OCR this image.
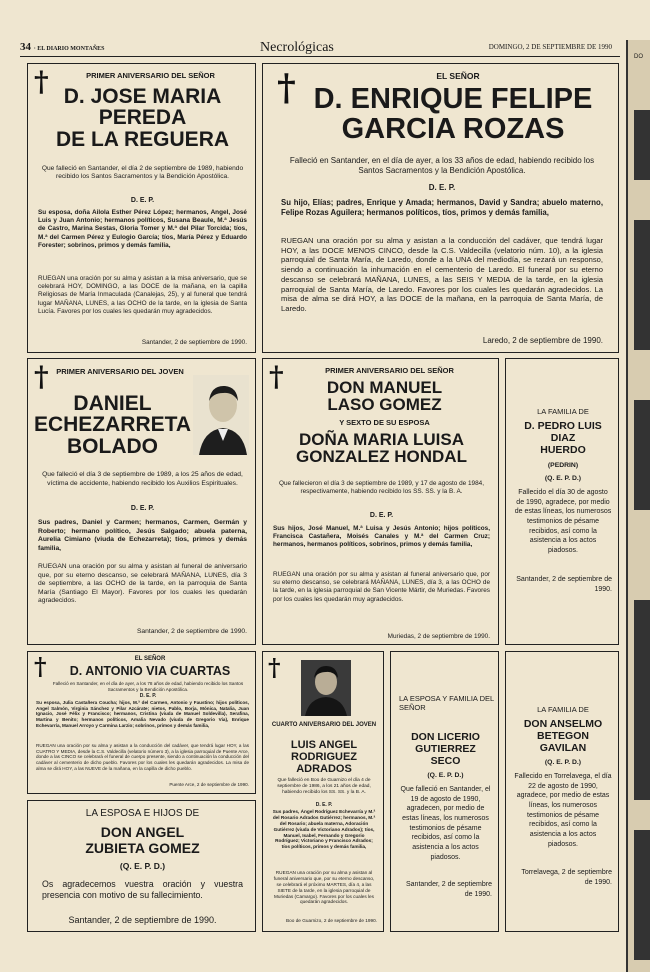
34 · EL DIARIO MONTAÑES	Necrológicas	DOMINGO, 2 DE SEPTIEMBRE DE 1990
DO
†	PRIMER ANIVERSARIO DEL SEÑOR

D. JOSE MARIA
PEREDA
DE LA REGUERA

Que falleció en Santander, el día 2 de septiembre de 1989, habiendo recibido los Santos Sacramentos y la Bendición Apostólica.

D. E. P.

Su esposa, doña Ailola Esther Pérez López; hermanos, Angel, José Luis y Juan Antonio; hermanos políticos, Susana Beaule, M.ª Jesús de Castro, Marina Sestas, Gloria Tomer y M.ª del Pilar Torcida; tíos, M.ª del Carmen Pérez y Eulogio García; tíos, María Pérez y Eduardo Forester; sobrinos, primos y demás familia,

RUEGAN una oración por su alma y asistan a la misa aniversario, que se celebrará HOY, DOMINGO, a las DOCE de la mañana, en la capilla Religiosas de María Inmaculada (Canalejas, 25), y al funeral que tendrá lugar MAÑANA, LUNES, a las OCHO de la tarde, en la iglesia de Santa Lucía. Favores por los cuales les quedarán muy agradecidos.

Santander, 2 de septiembre de 1990.

†	EL SEÑOR

D. ENRIQUE FELIPE
GARCIA ROZAS

Falleció en Santander, en el día de ayer, a los 33 años de edad, habiendo recibido los Santos Sacramentos y la Bendición Apostólica.

D. E. P.

Su hijo, Elías; padres, Enrique y Amada; hermanos, David y Sandra; abuelo materno, Felipe Rozas Aguilera; hermanos políticos, tíos, primos y demás familia,

RUEGAN una oración por su alma y asistan a la conducción del cadáver, que tendrá lugar HOY, a las DOCE MENOS CINCO, desde la C.S. Valdecilla (velatorio núm. 10), a la iglesia parroquial de Santa María, de Laredo, donde a la UNA del mediodía, se rezará un responso, siendo a continuación la inhumación en el cementerio de Laredo. El funeral por su eterno descanso se celebrará MAÑANA, LUNES, a las SEIS Y MEDIA de la tarde, en la iglesia parroquial de Santa María, de Laredo. Favores por los cuales les quedarán agradecidos. La misa de alma se dirá HOY, a las DOCE de la mañana, en la parroquia de Santa María, de Laredo.

Laredo, 2 de septiembre de 1990.

†	PRIMER ANIVERSARIO DEL JOVEN

DANIEL
ECHEZARRETA
BOLADO

Que falleció el día 3 de septiembre de 1989, a los 25 años de edad, víctima de accidente, habiendo recibido los Auxilios Espirituales.

D. E. P.

Sus padres, Daniel y Carmen; hermanos, Carmen, Germán y Roberto; hermano político, Jesús Salgado; abuela paterna, Aurelia Cimiano (viuda de Echezarreta); tíos, primos y demás familia,

RUEGAN una oración por su alma y asistan al funeral de aniversario que, por su eterno descanso, se celebrará MAÑANA, LUNES, día 3 de septiembre, a las OCHO de la tarde, en la parroquia de Santa María (Santiago El Mayor). Favores por los cuales les quedarán agradecidos.

Santander, 2 de septiembre de 1990.

†	PRIMER ANIVERSARIO DEL SEÑOR

DON MANUEL
LASO GOMEZ

Y SEXTO DE SU ESPOSA

DOÑA MARIA LUISA
GONZALEZ HONDAL

Que fallecieron el día 3 de septiembre de 1989, y 17 de agosto de 1984, respectivamente, habiendo recibido los SS. SS. y la B. A.

D. E. P.

Sus hijos, José Manuel, M.ª Luisa y Jesús Antonio; hijos políticos, Francisca Castañera, Moisés Canales y M.ª del Carmen Cruz; hermanos, hermanos políticos, sobrinos, primos y demás familia,

RUEGAN una oración por su alma y asistan al funeral aniversario que, por su eterno descanso, se celebrará MAÑANA, LUNES, día 3, a las OCHO de la tarde, en la iglesia parroquial de San Vicente Mártir, de Muriedas. Favores por los cuales les quedarán muy agradecidos.

Muriedas, 2 de septiembre de 1990.

LA FAMILIA DE

D. PEDRO LUIS
DIAZ
HUERDO

(PEDRIN)

(Q. E. P. D.)

Fallecido el día 30 de agosto de 1990, agradece, por medio de estas líneas, los numerosos testimonios de pésame recibidos, así como la asistencia a los actos piadosos.

Santander, 2 de septiembre de 1990.

†	EL SEÑOR

D. ANTONIO VIA CUARTAS

Falleció en Santander, en el día de ayer, a los 78 años de edad, habiendo recibido los Santos Sacramentos y la Bendición Apostólica.

D. E. P.

Su esposa, Julia Castañera Coucha; hijos, M.ª del Carmen, Antonio y Faustino; hijos políticos, Angel Salmón, Virginia Sánchez y Pilar Azcárate; nietos, Pablo, Borja, Mónica, Natalia, Juan Ignacio, José Félix y Francisco; hermanos, Cristina (viuda de Manuel Soldevilla), Serafina, Martina y Benito; hermanos políticos, Amalia Nevado (viuda de Gregorio Via), Enrique Echevarría, Manuel Arroyo y Carmina Larzio; sobrinos, primos y demás familia,

RUEGAN una oración por su alma y asistan a la conducción del cadáver, que tendrá lugar HOY, a las CUATRO Y MEDIA, desde la C.S. Valdecilla (velatorio número 3), a la iglesia parroquial de Puente Arce, donde a las CINCO se celebrará el funeral de cuerpo presente, siendo a continuación la conducción del cadáver al cementerio de dicho pueblo. Favores por los cuales les quedarán agradecidos. La misa de alma se dirá HOY, a las NUEVE de la mañana, en la capilla de dicho pueblo.

Puente Arce, 2 de septiembre de 1990.

LA ESPOSA E HIJOS DE

DON ANGEL
ZUBIETA GOMEZ

(Q. E. P. D.)

Os agradecemos vuestra oración y vuestra presencia con motivo de su fallecimiento.

Santander, 2 de septiembre de 1990.

†

CUARTO ANIVERSARIO DEL JOVEN

LUIS ANGEL
RODRIGUEZ
ADRADOS

Que falleció en Boo de Guarnizo el día 4 de septiembre de 1986, a los 21 años de edad, habiendo recibido los SS. SS. y la B. A.

D. E. P.

Sus padres, Ángel Rodríguez Echevarría y M.ª del Rosario Adrados Gutiérrez; hermanos, M.ª del Rosario; abuela materna, Adoración Gutiérrez (viuda de Victoriano Adrados); tíos, Manuel, Isabel, Fernando y Gregorio Rodríguez; Victoriano y Francisco Adrados; tíos políticos, primos y demás familia,

RUEGAN una oración por su alma y asistan al funeral aniversario que, por su eterno descanso, se celebrará el próximo MARTES, día 4, a las SIETE de la tarde, en la iglesia parroquial de Muriedas (Camargo). Favores por los cuales les quedarán agradecidos.

Boo de Guarnizo, 2 de septiembre de 1990.

LA ESPOSA Y FAMILIA DEL SEÑOR

DON LICERIO
GUTIERREZ
SECO

(Q. E. P. D.)

Que falleció en Santander, el 19 de agosto de 1990, agradecen, por medio de estas líneas, los numerosos testimonios de pésame recibidos, así como la asistencia a los actos piadosos.

Santander, 2 de septiembre de 1990.

LA FAMILIA DE

DON ANSELMO
BETEGON
GAVILAN

(Q. E. P. D.)

Fallecido en Torrelavega, el día 22 de agosto de 1990, agradece, por medio de estas líneas, los numerosos testimonios de pésame recibidos, así como la asistencia a los actos piadosos.

Torrelavega, 2 de septiembre de 1990.
